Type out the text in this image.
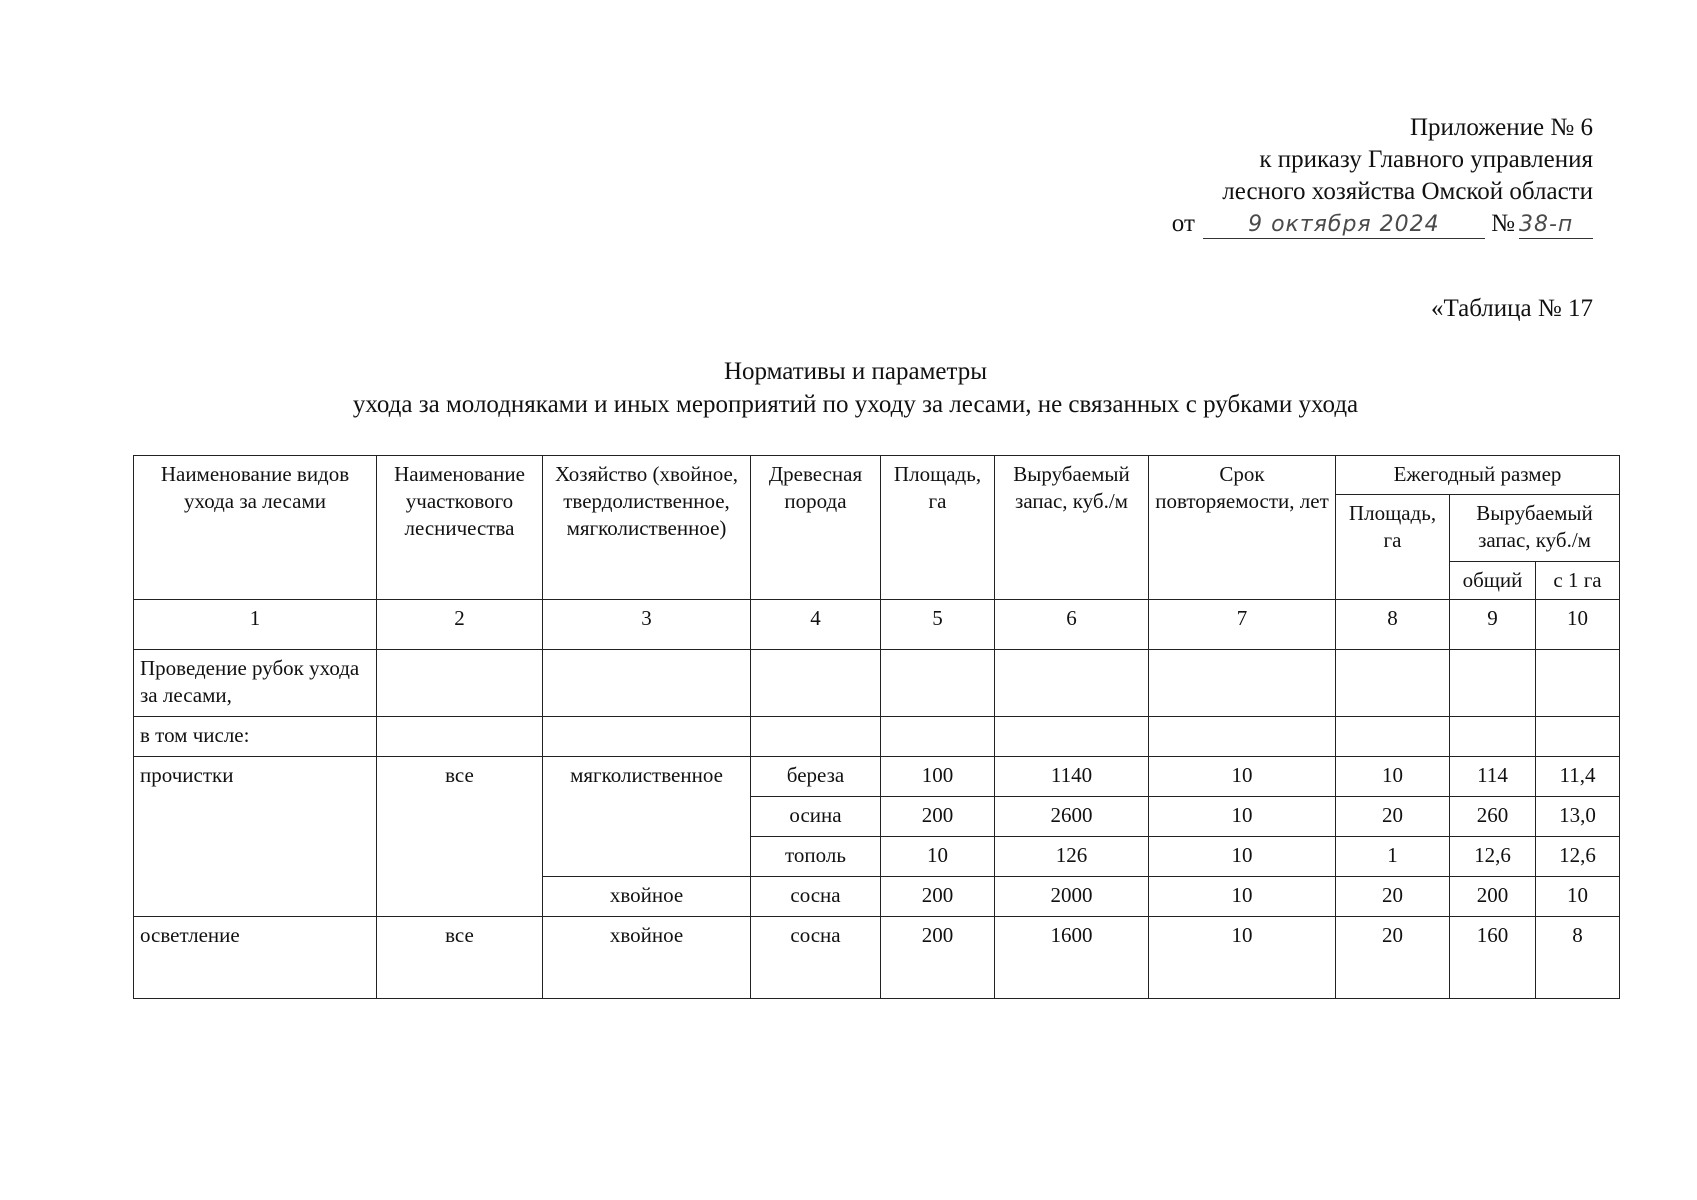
Приложение № 6
к приказу Главного управления
лесного хозяйства Омской области
от 9 октября 2024 № 38-п
«Таблица № 17
Нормативы и параметры
ухода за молодняками и иных мероприятий по уходу за лесами, не связанных с рубками ухода
Наименование видов ухода за лесами	Наименование участкового лесничества	Хозяйство (хвойное, твердолиственное, мягколиственное)	Древесная порода	Площадь, га	Вырубаемый запас, куб./м	Срок повторяемости, лет	Ежегодный размер		
							Площадь, га	Вырубаемый запас, куб./м	
								общий	с 1 га
1	2	3	4	5	6	7	8	9	10
Проведение рубок ухода за лесами,									
в том числе:									
прочистки	все	мягколиственное	береза	100	1140	10	10	114	11,4
			осина	200	2600	10	20	260	13,0
			тополь	10	126	10	1	12,6	12,6
		хвойное	сосна	200	2000	10	20	200	10
осветление	все	хвойное	сосна	200	1600	10	20	160	8
